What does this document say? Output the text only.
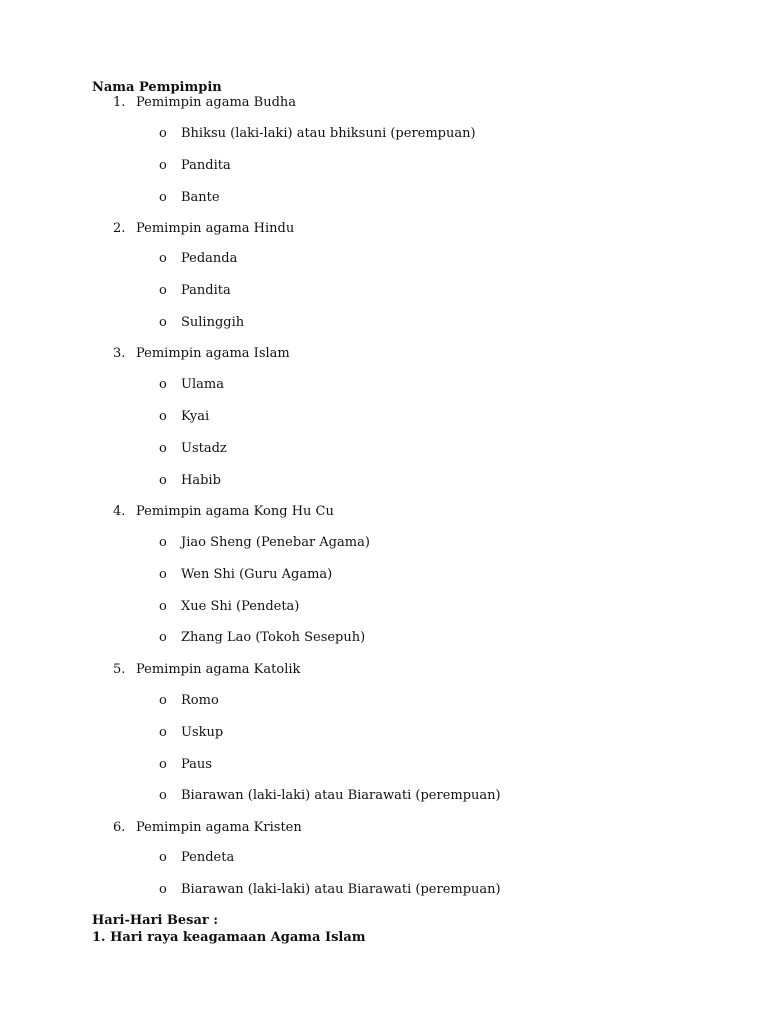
Nama Pempimpin
1. Pemimpin agama Budha
o Bhiksu (laki-laki) atau bhiksuni (perempuan)
o Pandita
o Bante
2. Pemimpin agama Hindu
o Pedanda
o Pandita
o Sulinggih
3. Pemimpin agama Islam
o Ulama
o Kyai
o Ustadz
o Habib
4. Pemimpin agama Kong Hu Cu
o Jiao Sheng (Penebar Agama)
o Wen Shi (Guru Agama)
o Xue Shi (Pendeta)
o Zhang Lao (Tokoh Sesepuh)
5. Pemimpin agama Katolik
o Romo
o Uskup
o Paus
o Biarawan (laki-laki) atau Biarawati (perempuan)
6. Pemimpin agama Kristen
o Pendeta
o Biarawan (laki-laki) atau Biarawati (perempuan)
Hari-Hari Besar :
1. Hari raya keagamaan Agama Islam
